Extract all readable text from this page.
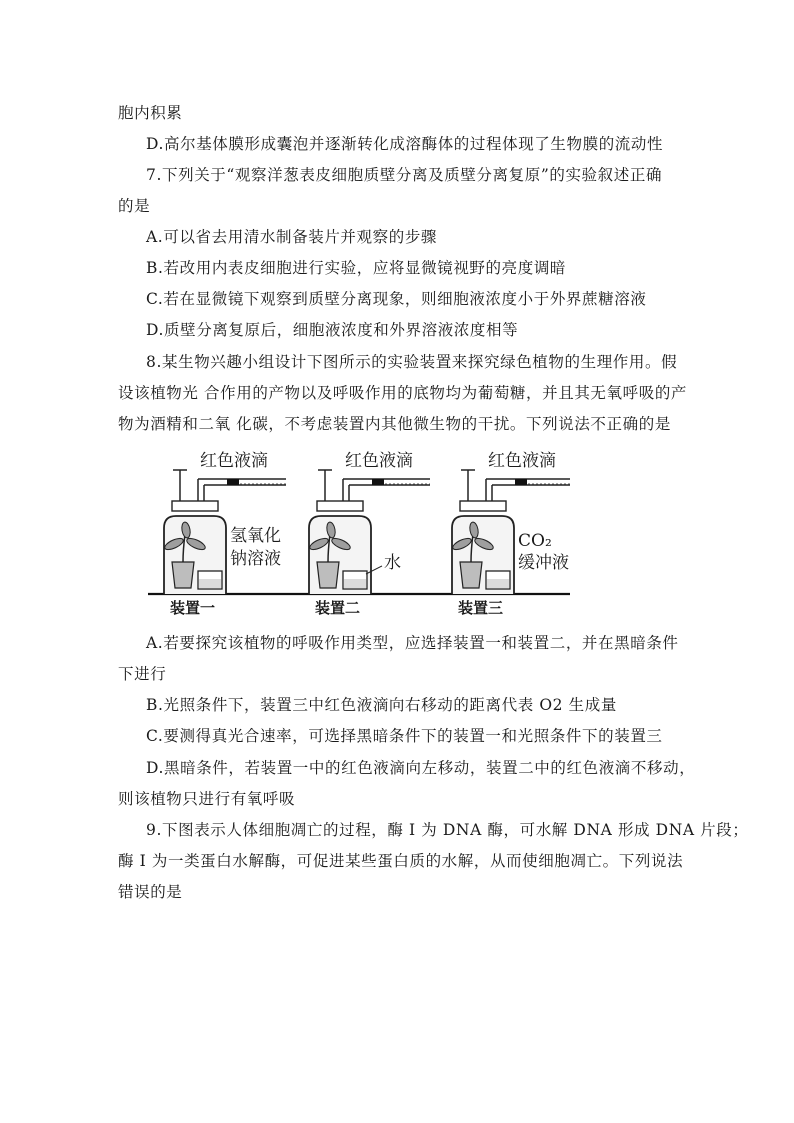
胞内积累
D.高尔基体膜形成囊泡并逐渐转化成溶酶体的过程体现了生物膜的流动性
7.下列关于“观察洋葱表皮细胞质壁分离及质壁分离复原”的实验叙述正确
的是
A.可以省去用清水制备装片并观察的步骤
B.若改用内表皮细胞进行实验，应将显微镜视野的亮度调暗
C.若在显微镜下观察到质壁分离现象，则细胞液浓度小于外界蔗糖溶液
D.质壁分离复原后，细胞液浓度和外界溶液浓度相等
8.某生物兴趣小组设计下图所示的实验装置来探究绿色植物的生理作用。假
设该植物光 合作用的产物以及呼吸作用的底物均为葡萄糖，并且其无氧呼吸的产
物为酒精和二氧 化碳，不考虑装置内其他微生物的干扰。下列说法不正确的是
红色液滴
氢氧化
钠溶液
装置一
红色液滴
水
装置二
红色液滴
CO₂
缓冲液
装置三
A.若要探究该植物的呼吸作用类型，应选择装置一和装置二，并在黑暗条件
下进行
B.光照条件下，装置三中红色液滴向右移动的距离代表 O2 生成量
C.要测得真光合速率，可选择黑暗条件下的装置一和光照条件下的装置三
D.黑暗条件，若装置一中的红色液滴向左移动，装置二中的红色液滴不移动，
则该植物只进行有氧呼吸
9.下图表示人体细胞凋亡的过程，酶 I 为 DNA 酶，可水解 DNA 形成 DNA 片段；
酶 I 为一类蛋白水解酶，可促进某些蛋白质的水解，从而使细胞凋亡。下列说法
错误的是
